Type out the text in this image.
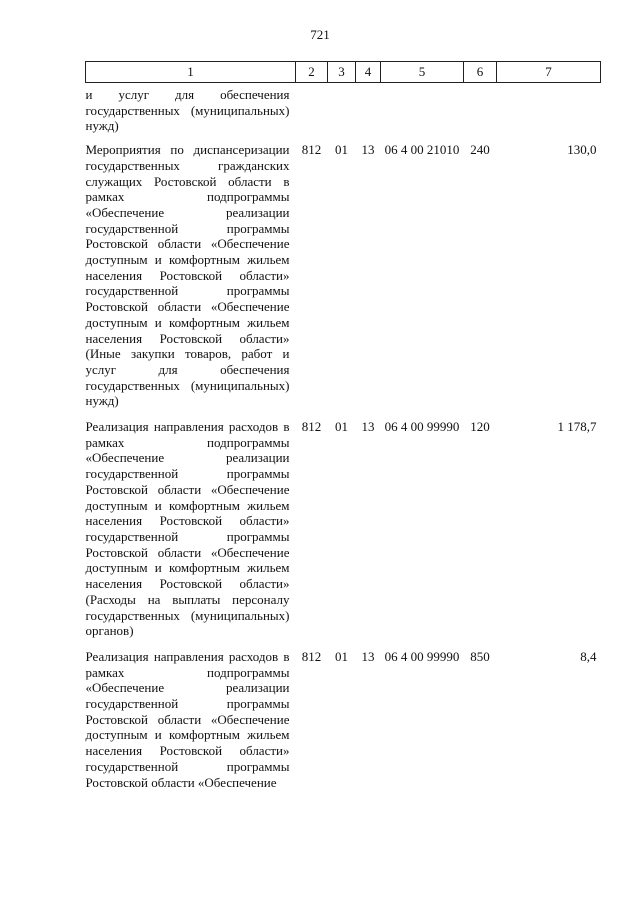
721
1	2	3	4	5	6	7
и услуг для обеспечения государственных (муниципальных) нужд)						
Мероприятия по диспансеризации государственных гражданских служащих Ростовской области в рамках подпрограммы «Обеспечение реализации государственной программы Ростовской области «Обеспечение доступным и комфортным жильем населения Ростовской области» государственной программы Ростовской области «Обеспечение доступным и комфортным жильем населения Ростовской области» (Иные закупки товаров, работ и услуг для обеспечения государственных (муниципальных) нужд)	812	01	13	06 4 00 21010	240	130,0
Реализация направления расходов в рамках подпрограммы «Обеспечение реализации государственной программы Ростовской области «Обеспечение доступным и комфортным жильем населения Ростовской области» государственной программы Ростовской области «Обеспечение доступным и комфортным жильем населения Ростовской области» (Расходы на выплаты персоналу государственных (муниципальных) органов)	812	01	13	06 4 00 99990	120	1 178,7
Реализация направления расходов в рамках подпрограммы «Обеспечение реализации государственной программы Ростовской области «Обеспечение доступным и комфортным жильем населения Ростовской области» государственной программы Ростовской области «Обеспечение	812	01	13	06 4 00 99990	850	8,4
